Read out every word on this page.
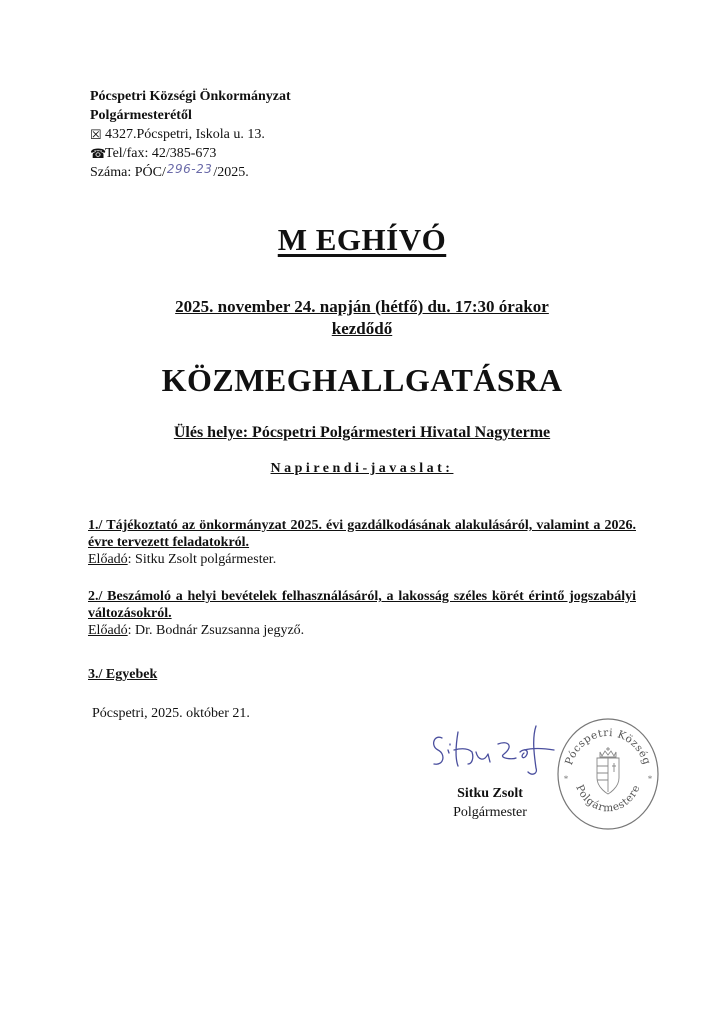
Pócspetri Községi Önkormányzat
Polgármesterétől
☒ 4327.Pócspetri, Iskola u. 13.
☎
Tel/fax: 42/385-673
Száma: PÓC/ 296-23 /2025.
M EGHÍVÓ
2025. november 24. napján (hétfő) du. 17:30 órakor
kezdődő
KÖZMEGHALLGATÁSRA
Ülés helye: Pócspetri Polgármesteri Hivatal Nagyterme
Napirendi-javaslat:
1./ Tájékoztató az önkormányzat 2025. évi gazdálkodásának alakulásáról, valamint a 2026. évre tervezett feladatokról.
Előadó: Sitku Zsolt polgármester.
2./ Beszámoló a helyi bevételek felhasználásáról, a lakosság széles körét érintő jogszabályi változásokról.
Előadó: Dr. Bodnár Zsuzsanna jegyző.
3./ Egyebek
Pócspetri, 2025. október 21.
Sitku Zsolt
Polgármester
Pócspetri Község
Polgármestere
*	*
